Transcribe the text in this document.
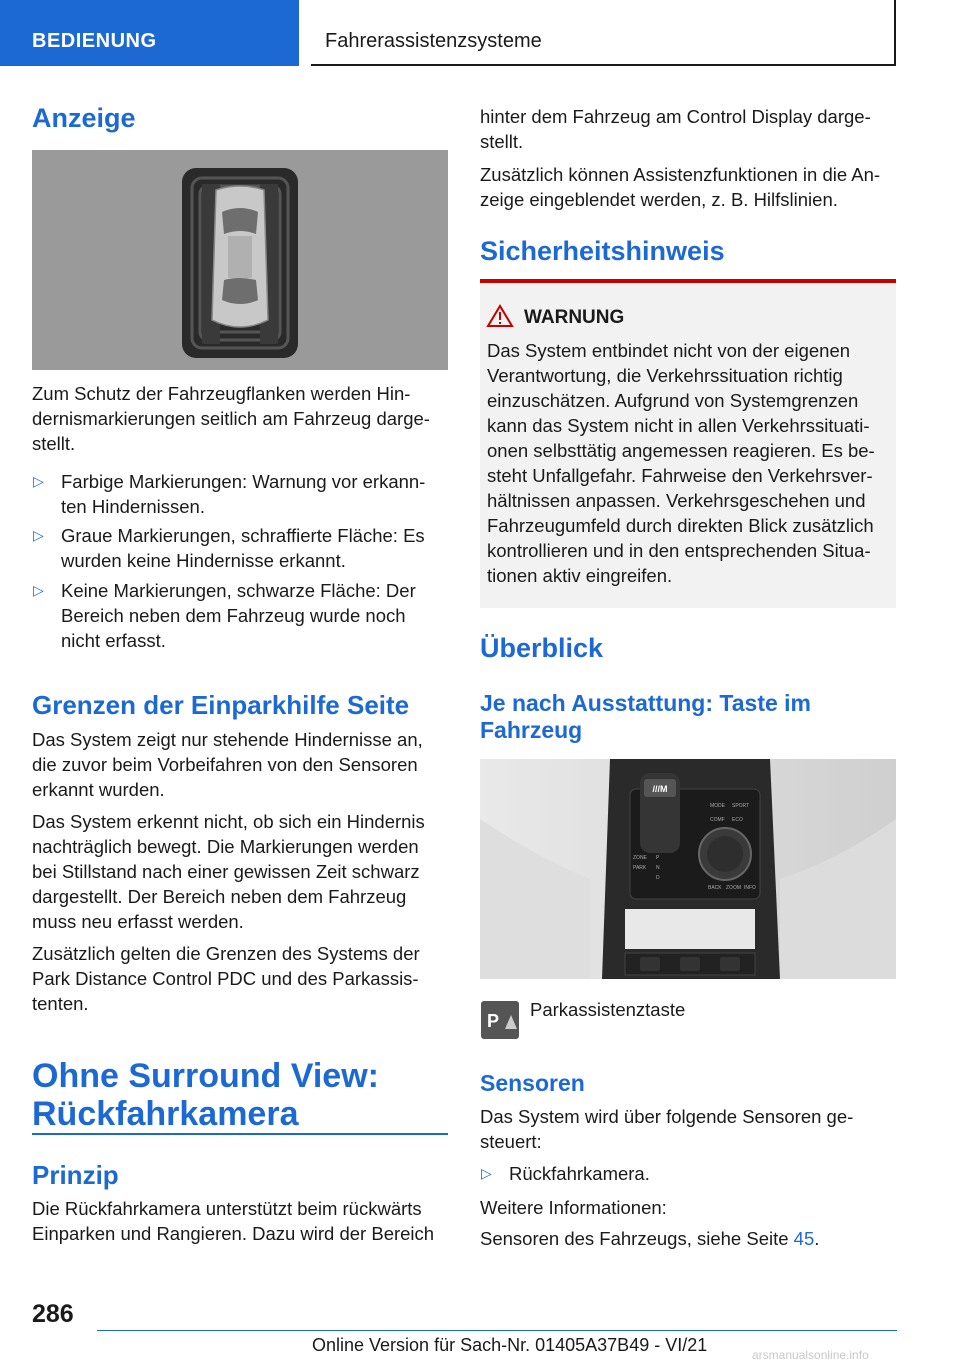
BEDIENUNG	Fahrerassistenzsysteme
Anzeige
Zum Schutz der Fahrzeugflanken werden Hin-
dernismarkierungen seitlich am Fahrzeug darge-
stellt.
▷ Farbige Markierungen: Warnung vor erkann-
ten Hindernissen.
▷ Graue Markierungen, schraffierte Fläche: Es
wurden keine Hindernisse erkannt.
▷ Keine Markierungen, schwarze Fläche: Der
Bereich neben dem Fahrzeug wurde noch
nicht erfasst.
Grenzen der Einparkhilfe Seite
Das System zeigt nur stehende Hindernisse an,
die zuvor beim Vorbeifahren von den Sensoren
erkannt wurden.
Das System erkennt nicht, ob sich ein Hindernis
nachträglich bewegt. Die Markierungen werden
bei Stillstand nach einer gewissen Zeit schwarz
dargestellt. Der Bereich neben dem Fahrzeug
muss neu erfasst werden.
Zusätzlich gelten die Grenzen des Systems der
Park Distance Control PDC und des Parkassis-
tenten.
Ohne Surround View:
Rückfahrkamera
Prinzip
Die Rückfahrkamera unterstützt beim rückwärts
Einparken und Rangieren. Dazu wird der Bereich
hinter dem Fahrzeug am Control Display darge-
stellt.
Zusätzlich können Assistenzfunktionen in die An-
zeige eingeblendet werden, z. B. Hilfslinien.
Sicherheitshinweis
WARNUNG
Das System entbindet nicht von der eigenen
Verantwortung, die Verkehrssituation richtig
einzuschätzen. Aufgrund von Systemgrenzen
kann das System nicht in allen Verkehrssituati-
onen selbsttätig angemessen reagieren. Es be-
steht Unfallgefahr. Fahrweise den Verkehrsver-
hältnissen anpassen. Verkehrsgeschehen und
Fahrzeugumfeld durch direkten Blick zusätzlich
kontrollieren und in den entsprechenden Situa-
tionen aktiv eingreifen.
Überblick
Je nach Ausstattung: Taste im
Fahrzeug
///M
MODE SPORT
COMF ECO
N
D
P
ZONE
PARK
INFO
BACK ZOOM
P
Parkassistenztaste
Sensoren
Das System wird über folgende Sensoren ge-
steuert:
▷ Rückfahrkamera.
Weitere Informationen:
Sensoren des Fahrzeugs, siehe Seite 45.
286
Online Version für Sach-Nr. 01405A37B49 - VI/21	arsmanualsonline.info
